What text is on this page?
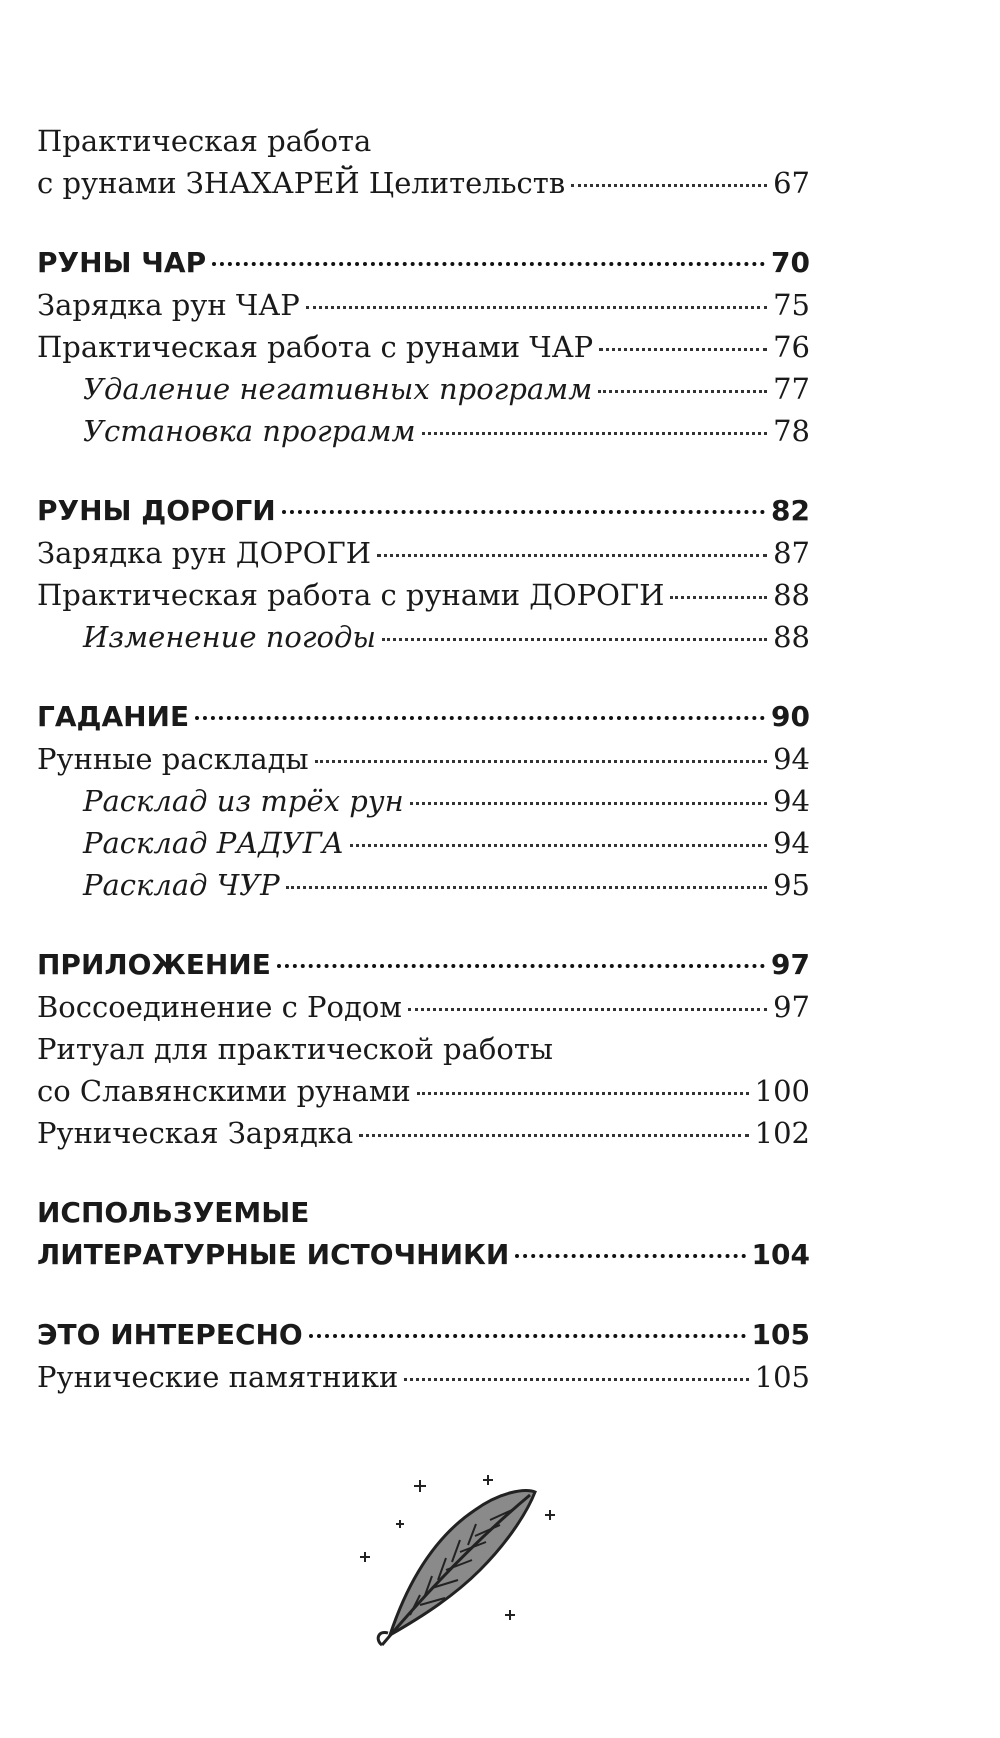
Практическая работа
с рунами ЗНАХАРЕЙ Целительств	67
РУНЫ ЧАР	70
Зарядка рун ЧАР	75
Практическая работа с рунами ЧАР	76
Удаление негативных программ	77
Установка программ	78
РУНЫ ДОРОГИ	82
Зарядка рун ДОРОГИ	87
Практическая работа с рунами ДОРОГИ	88
Изменение погоды	88
ГАДАНИЕ	90
Рунные расклады	94
Расклад из трёх рун	94
Расклад РАДУГА	94
Расклад ЧУР	95
ПРИЛОЖЕНИЕ	97
Воссоединение с Родом	97
Ритуал для практической работы
со Славянскими рунами	100
Руническая Зарядка	102
ИСПОЛЬЗУЕМЫЕ
ЛИТЕРАТУРНЫЕ ИСТОЧНИКИ	104
ЭТО ИНТЕРЕСНО	105
Рунические памятники	105
